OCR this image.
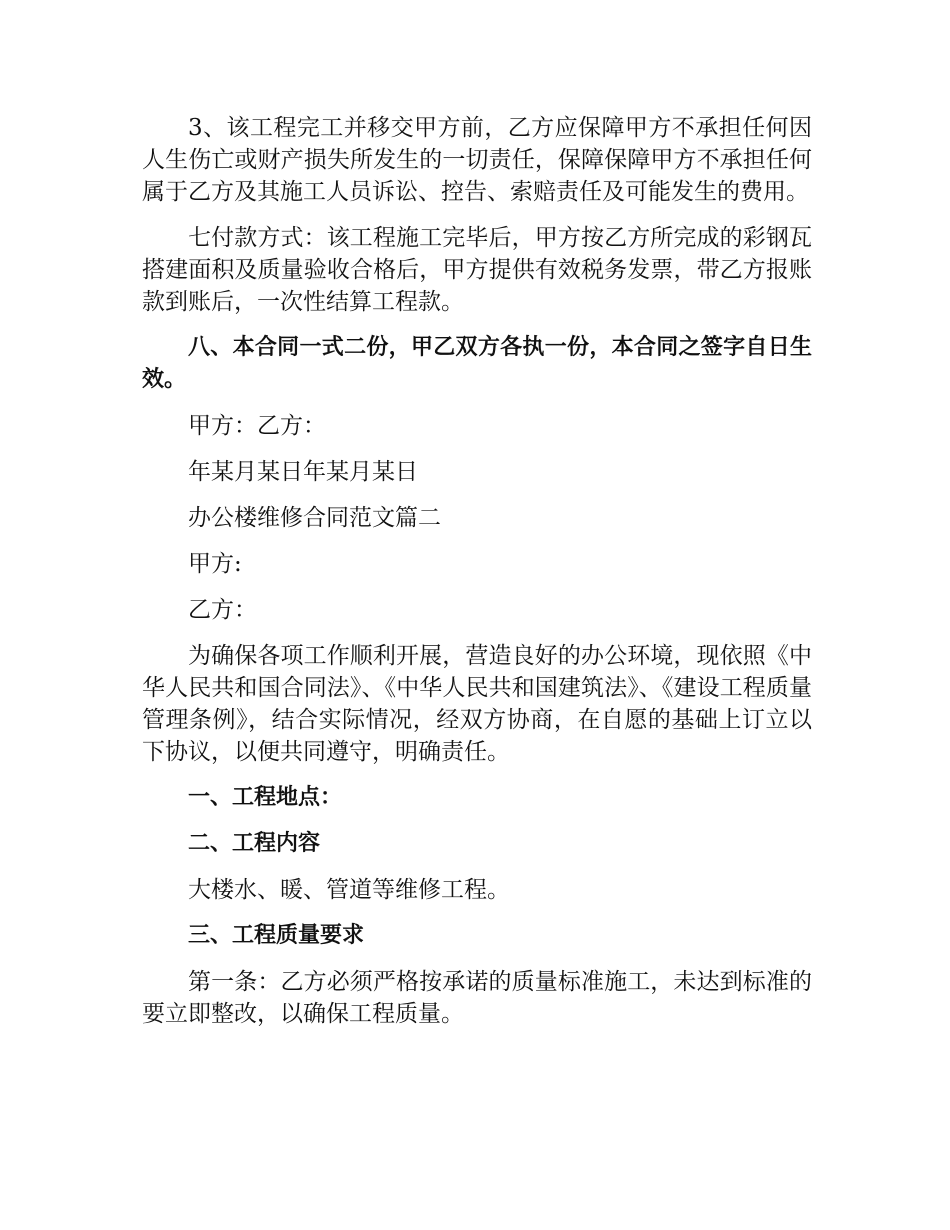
3、该工程完工并移交甲方前，乙方应保障甲方不承担任何因人生伤亡或财产损失所发生的一切责任，保障保障甲方不承担任何属于乙方及其施工人员诉讼、控告、索赔责任及可能发生的费用。

七付款方式：该工程施工完毕后，甲方按乙方所完成的彩钢瓦搭建面积及质量验收合格后，甲方提供有效税务发票，带乙方报账款到账后，一次性结算工程款。

八、本合同一式二份，甲乙双方各执一份，本合同之签字自日生效。

甲方：乙方：

年某月某日年某月某日

办公楼维修合同范文篇二

甲方:

乙方：

为确保各项工作顺利开展，营造良好的办公环境，现依照《中华人民共和国合同法》、《中华人民共和国建筑法》、《建设工程质量管理条例》，结合实际情况，经双方协商，在自愿的基础上订立以下协议，以便共同遵守，明确责任。

一、工程地点：

二、工程内容

大楼水、暖、管道等维修工程。

三、工程质量要求

第一条：乙方必须严格按承诺的质量标准施工，未达到标准的要立即整改，以确保工程质量。
